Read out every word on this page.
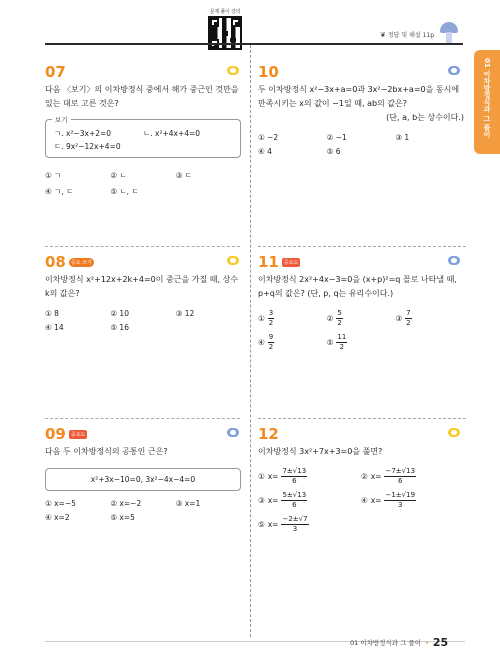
문제 풀이 강의
❦ 정답 및 해설 11p
01 이차방정식과 그 풀이
07
다음 〈보기〉의 이차방정식 중에서 해가 중근인 것만을 있는 대로 고른 것은?
보기
ㄱ. x²−3x+2=0	ㄴ. x²+4x+4=0
ㄷ. 9x²−12x+4=0
① ㄱ	② ㄴ	③ ㄷ
④ ㄱ, ㄷ	⑤ ㄴ, ㄷ
10
두 이차방정식 x²−3x+a=0과 3x²−2bx+a=0을 동시에 만족시키는 x의 값이 −1일 때, ab의 값은?
(단, a, b는 상수이다.)
① −2	② −1	③ 1
④ 4	⑤ 6
08	중요 쓰기
이차방정식 x²+12x+2k+4=0이 중근을 가질 때, 상수 k의 값은?
① 8	② 10	③ 12
④ 14	⑤ 16
11	중요도
이차방정식 2x²+4x−3=0을 (x+p)²=q 꼴로 나타낼 때, p+q의 값은? (단, p, q는 유리수이다.)
① $\frac{3}{2}$	② $\frac{5}{2}$	③ $\frac{7}{2}$
④ $\frac{9}{2}$	⑤ $\frac{11}{2}$
09	중요도
다음 두 이차방정식의 공통인 근은?
x²+3x−10=0, 3x²−4x−4=0
① x=−5	② x=−2	③ x=1
④ x=2	⑤ x=5
12
이차방정식 3x²+7x+3=0을 풀면?
① $x= \frac{7\pm√13}{6}$	② $x= \frac{-7\pm√13}{6}$
③ $x= \frac{5\pm√13}{6}$	④ $x= \frac{-1\pm√19}{3}$
⑤ $x= \frac{-2\pm√7}{3}$
01 이차방정식과 그 풀이 • 25
